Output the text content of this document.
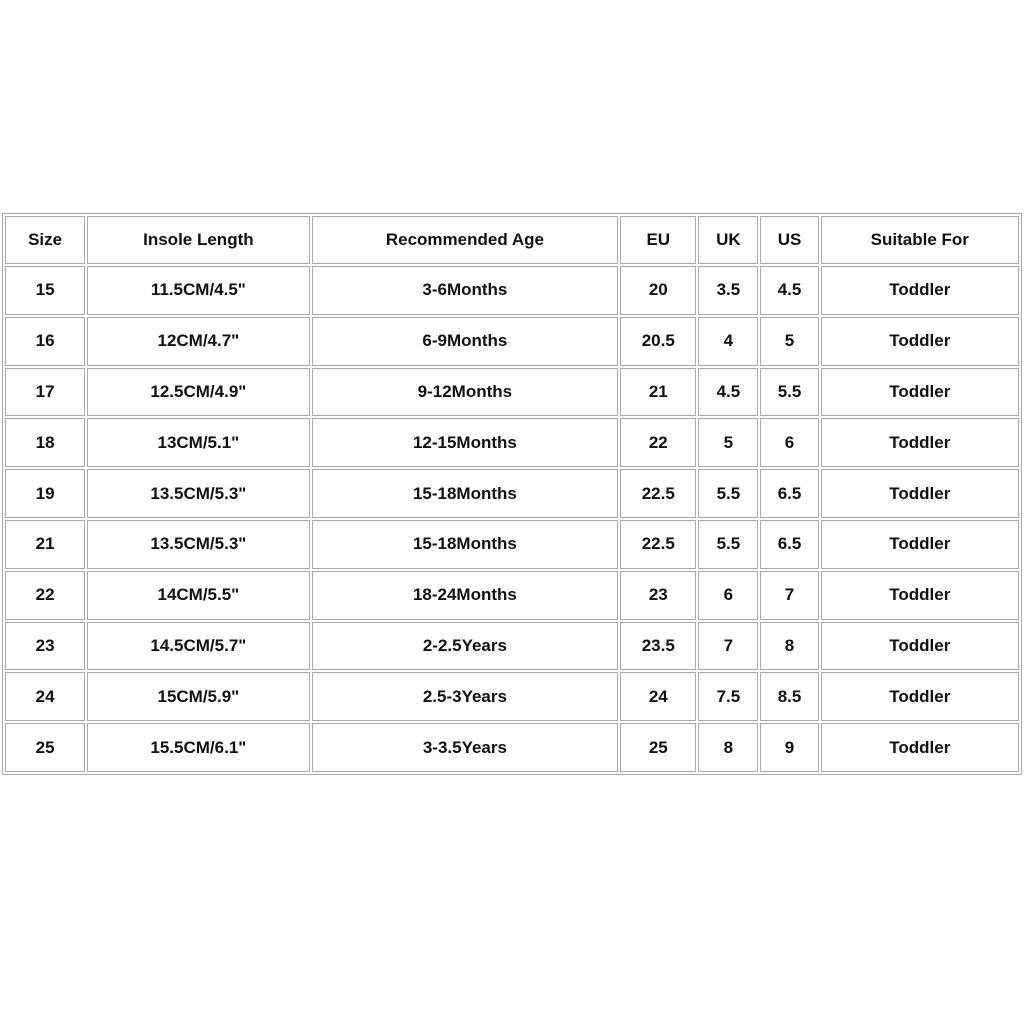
Size	Insole Length	Recommended Age	EU	UK	US	Suitable For
15	11.5CM/4.5"	3-6Months	20	3.5	4.5	Toddler
16	12CM/4.7"	6-9Months	20.5	4	5	Toddler
17	12.5CM/4.9"	9-12Months	21	4.5	5.5	Toddler
18	13CM/5.1"	12-15Months	22	5	6	Toddler
19	13.5CM/5.3"	15-18Months	22.5	5.5	6.5	Toddler
21	13.5CM/5.3"	15-18Months	22.5	5.5	6.5	Toddler
22	14CM/5.5"	18-24Months	23	6	7	Toddler
23	14.5CM/5.7"	2-2.5Years	23.5	7	8	Toddler
24	15CM/5.9"	2.5-3Years	24	7.5	8.5	Toddler
25	15.5CM/6.1"	3-3.5Years	25	8	9	Toddler
